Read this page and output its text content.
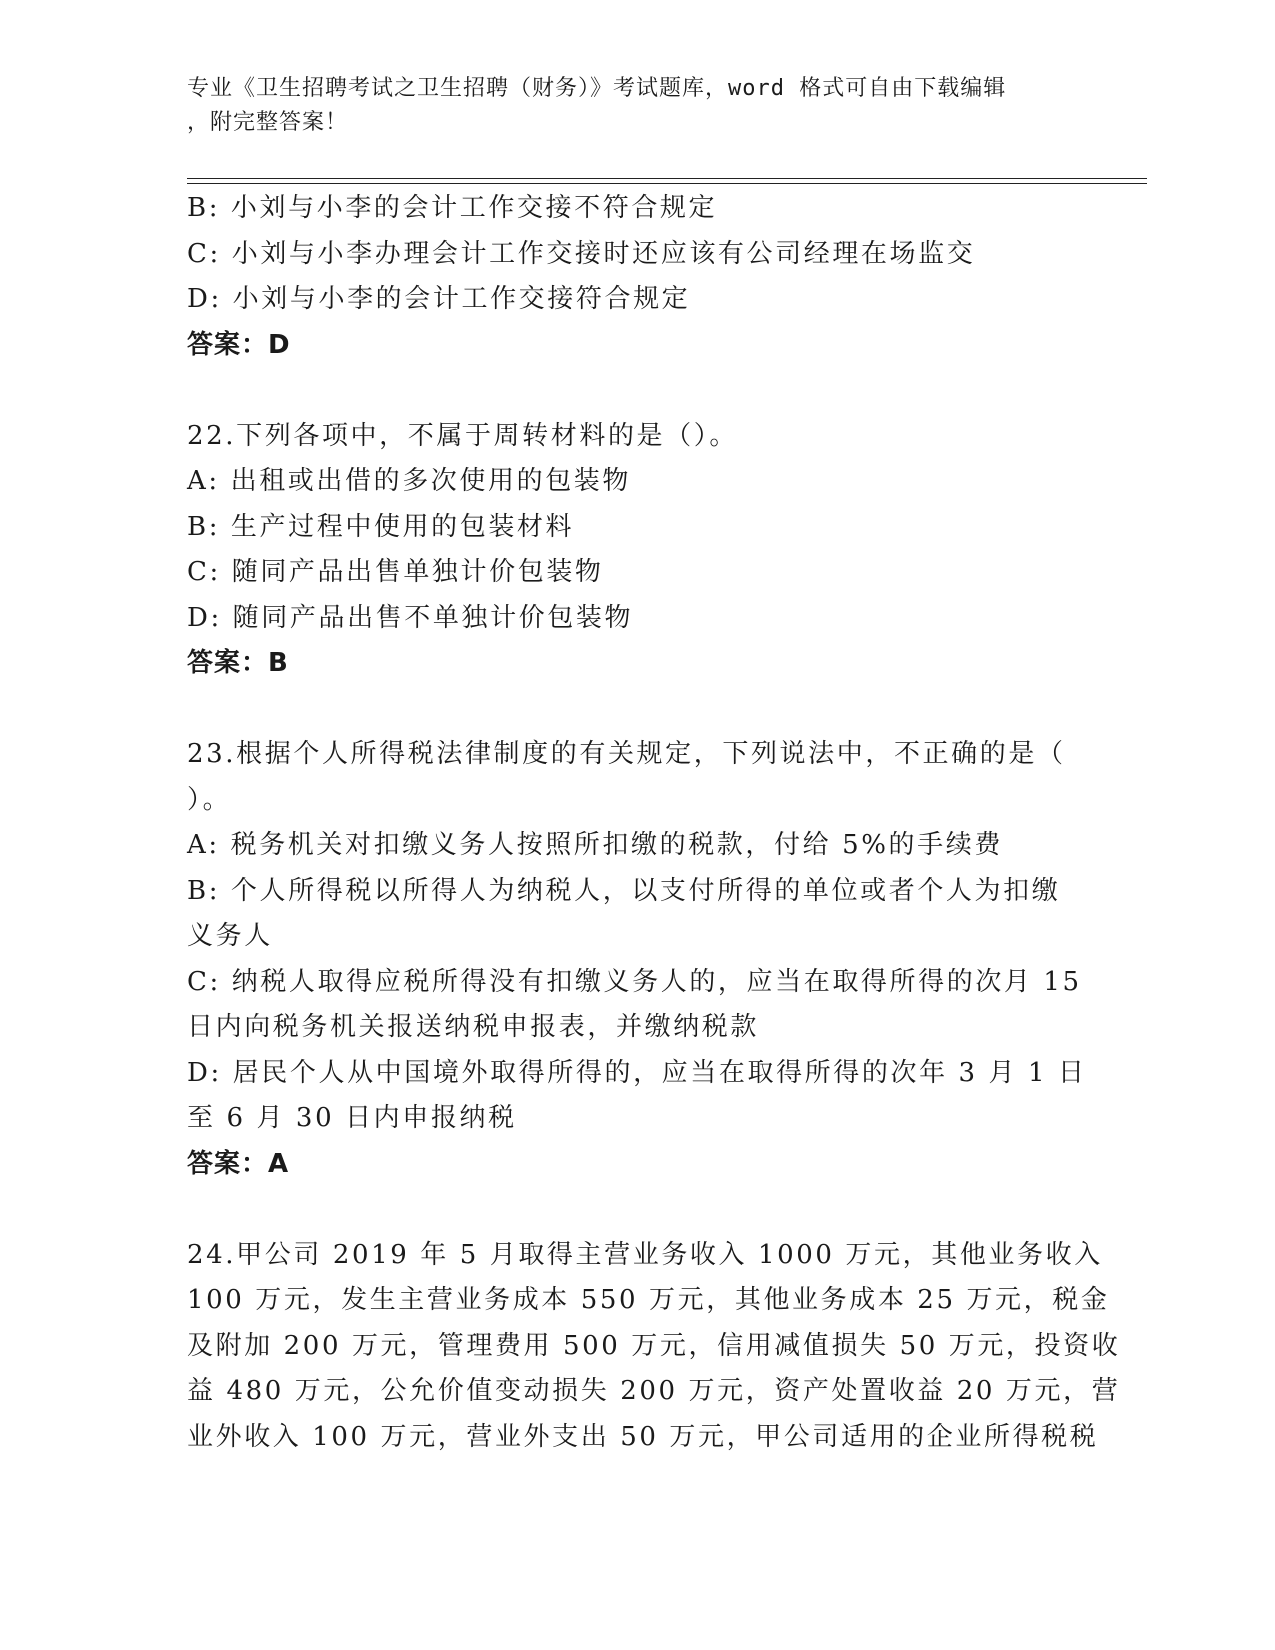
专业《卫生招聘考试之卫生招聘（财务）》考试题库，word 格式可自由下载编辑
，附完整答案！
B: 小刘与小李的会计工作交接不符合规定
C: 小刘与小李办理会计工作交接时还应该有公司经理在场监交
D: 小刘与小李的会计工作交接符合规定
答案：D
22.下列各项中，不属于周转材料的是（）。
A: 出租或出借的多次使用的包装物
B: 生产过程中使用的包装材料
C: 随同产品出售单独计价包装物
D: 随同产品出售不单独计价包装物
答案：B
23.根据个人所得税法律制度的有关规定，下列说法中，不正确的是（
）。
A: 税务机关对扣缴义务人按照所扣缴的税款，付给 5%的手续费
B: 个人所得税以所得人为纳税人，以支付所得的单位或者个人为扣缴
义务人
C: 纳税人取得应税所得没有扣缴义务人的，应当在取得所得的次月 15
日内向税务机关报送纳税申报表，并缴纳税款
D: 居民个人从中国境外取得所得的，应当在取得所得的次年 3 月 1 日
至 6 月 30 日内申报纳税
答案：A
24.甲公司 2019 年 5 月取得主营业务收入 1000 万元，其他业务收入
100 万元，发生主营业务成本 550 万元，其他业务成本 25 万元，税金
及附加 200 万元，管理费用 500 万元，信用减值损失 50 万元，投资收
益 480 万元，公允价值变动损失 200 万元，资产处置收益 20 万元，营
业外收入 100 万元，营业外支出 50 万元，甲公司适用的企业所得税税
